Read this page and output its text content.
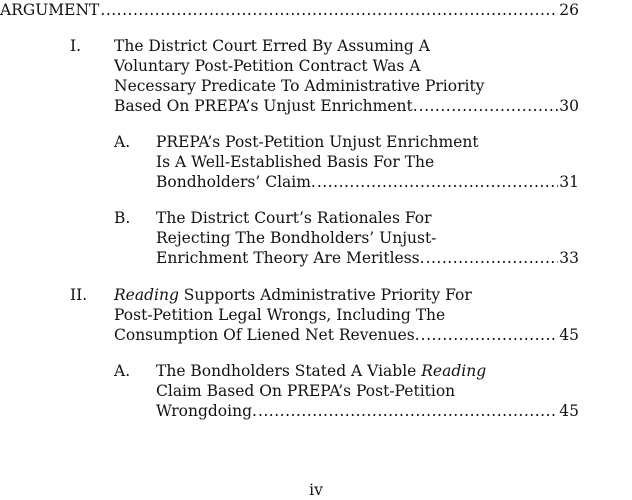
ARGUMENT .....	26
I. The District Court Erred By Assuming A
Voluntary Post-Petition Contract Was A
Necessary Predicate To Administrative Priority
Based On PREPA’s Unjust Enrichment. .....	30
A. PREPA’s Post-Petition Unjust Enrichment
Is A Well-Established Basis For The
Bondholders’ Claim. .....	31
B. The District Court’s Rationales For
Rejecting The Bondholders’ Unjust-
Enrichment Theory Are Meritless. .....	33
II. Reading Supports Administrative Priority For
Post-Petition Legal Wrongs, Including The
Consumption Of Liened Net Revenues. .....	45
A. The Bondholders Stated A Viable Reading
Claim Based On PREPA’s Post-Petition
Wrongdoing. .....	45
iv
